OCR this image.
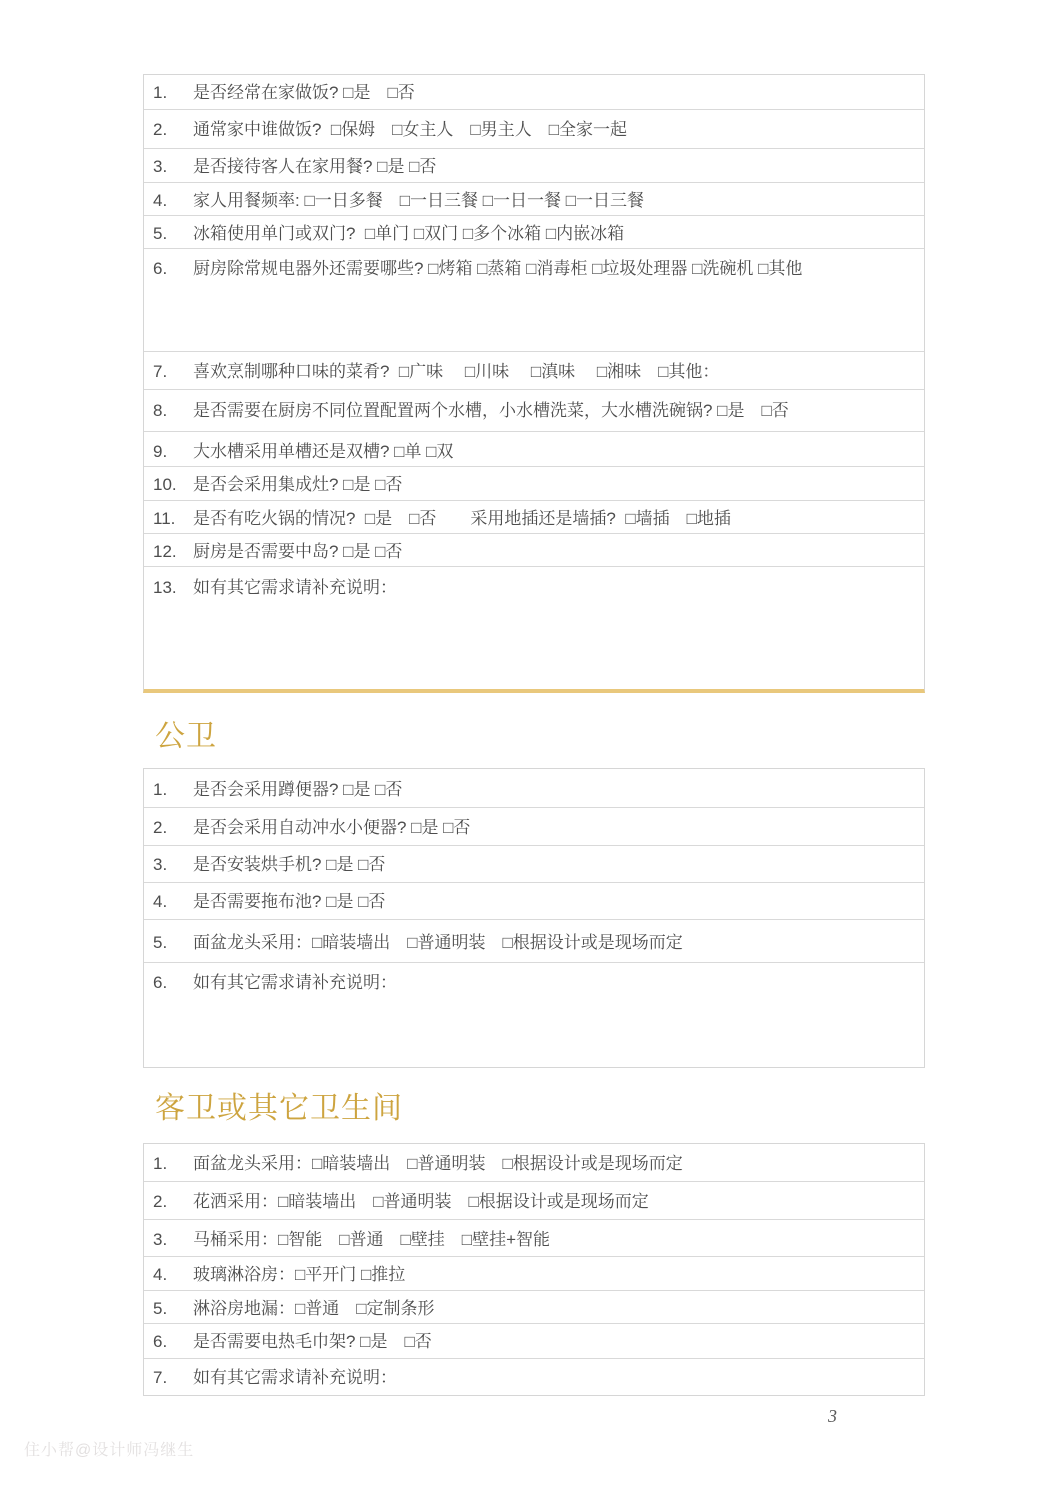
1.	是否经常在家做饭? □是　□否
2.	通常家中谁做饭?  □保姆　□女主人　□男主人　□全家一起
3.	是否接待客人在家用餐? □是 □否
4.	家人用餐频率: □一日多餐　□一日三餐 □一日一餐 □一日三餐
5.	冰箱使用单门或双门?  □单门 □双门 □多个冰箱 □内嵌冰箱
6.	厨房除常规电器外还需要哪些? □烤箱 □蒸箱 □消毒柜 □垃圾处理器 □洗碗机 □其他
7.	喜欢烹制哪种口味的菜肴?  □广味　 □川味　 □滇味　 □湘味　□其他：
8.	是否需要在厨房不同位置配置两个水槽，小水槽洗菜，大水槽洗碗锅? □是　□否
9.	大水槽采用单槽还是双槽? □单 □双
10. 是否会采用集成灶? □是 □否
11.	是否有吃火锅的情况?  □是　□否　　采用地插还是墙插?  □墙插　□地插
12. 厨房是否需要中岛? □是 □否
13. 如有其它需求请补充说明：
公卫
1.	是否会采用蹲便器? □是 □否
2.	是否会采用自动冲水小便器? □是 □否
3.	是否安装烘手机? □是 □否
4.	是否需要拖布池? □是 □否
5.	面盆龙头采用：□暗装墙出　□普通明装　□根据设计或是现场而定
6.	如有其它需求请补充说明：
客卫或其它卫生间
1.	面盆龙头采用：□暗装墙出　□普通明装　□根据设计或是现场而定
2.	花洒采用：□暗装墙出　□普通明装　□根据设计或是现场而定
3.	马桶采用：□智能　□普通　□壁挂　□壁挂+智能
4.	玻璃淋浴房：□平开门 □推拉
5.	淋浴房地漏：□普通　□定制条形
6.	是否需要电热毛巾架? □是　□否
7.	如有其它需求请补充说明：
3
住小帮@设计师冯继生
